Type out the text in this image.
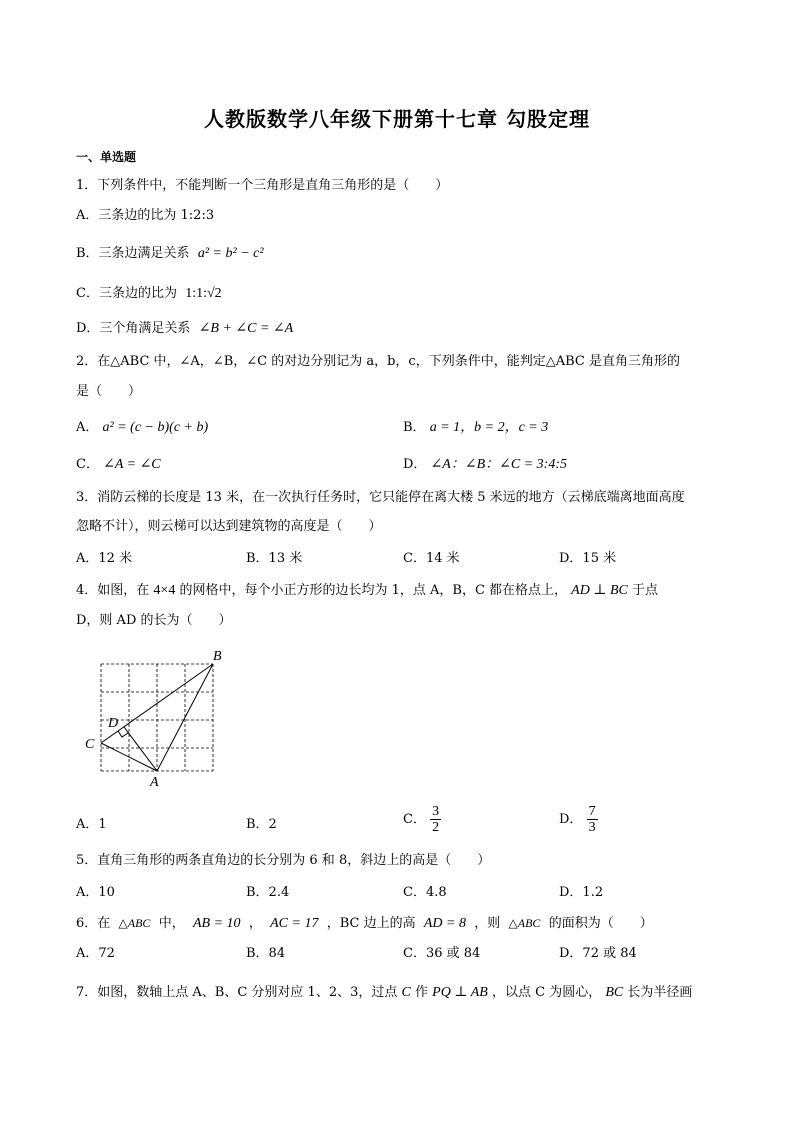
人教版数学八年级下册第十七章 勾股定理
一、单选题
1．下列条件中，不能判断一个三角形是直角三角形的是（　　）
A．三条边的比为 1:2:3
B．三条边满足关系 a² = b² − c²
C．三条边的比为 1:1:√2
D．三个角满足关系 ∠B + ∠C = ∠A
2．在△ABC 中，∠A，∠B，∠C 的对边分别记为 a，b，c，下列条件中，能判定△ABC 是直角三角形的
是（　　）
A． a² = (c − b)(c + b)	B． a = 1，b = 2，c = 3
C． ∠A = ∠C	D． ∠A：∠B：∠C = 3:4:5
3．消防云梯的长度是 13 米，在一次执行任务时，它只能停在离大楼 5 米远的地方（云梯底端离地面高度
忽略不计），则云梯可以达到建筑物的高度是（　　）
A．12 米	B．13 米	C．14 米	D．15 米
4．如图，在 4×4 的网格中，每个小正方形的边长均为 1，点 A，B，C 都在格点上， AD ⊥ BC 于点
D，则 AD 的长为（　　）
B
D
C
A
A．1	B．2	C． $\frac{3}{2}$	D． $\frac{7}{3}$
5．直角三角形的两条直角边的长分别为 6 和 8，斜边上的高是（　　）
A．10	B．2.4	C．4.8	D．1.2
6．在 △ABC 中， AB = 10 ， AC = 17 ，BC 边上的高 AD = 8 ，则 △ABC 的面积为（　　）
A．72	B．84	C．36 或 84	D．72 或 84
7．如图，数轴上点 A、B、C 分别对应 1、2、3，过点 C 作 PQ ⊥ AB ，以点 C 为圆心， BC 长为半径画
